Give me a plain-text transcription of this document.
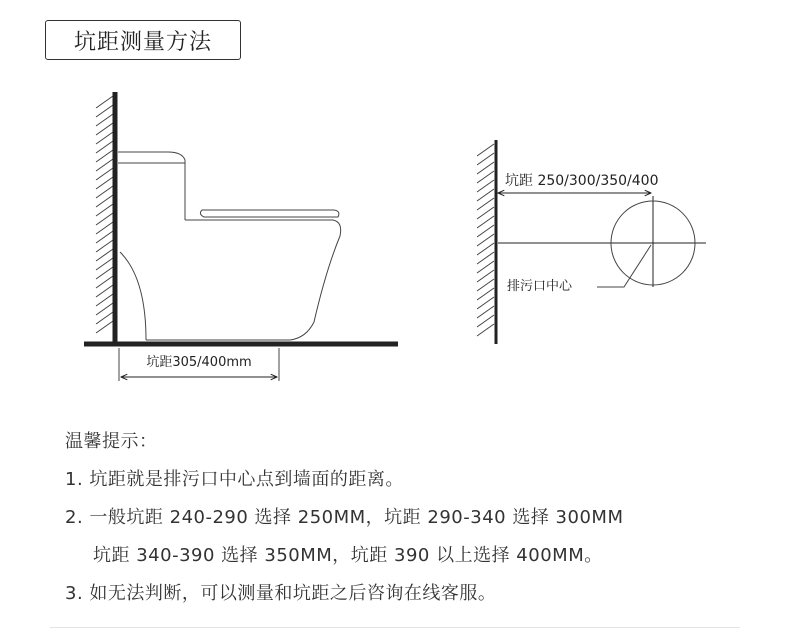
坑距测量方法
坑距305/400mm
坑距 250/300/350/400
排污口中心
温馨提示：
1. 坑距就是排污口中心点到墙面的距离。
2. 一般坑距 240-290 选择 250MM，坑距 290-340 选择 300MM
坑距 340-390 选择 350MM，坑距 390 以上选择 400MM。
3. 如无法判断，可以测量和坑距之后咨询在线客服。
